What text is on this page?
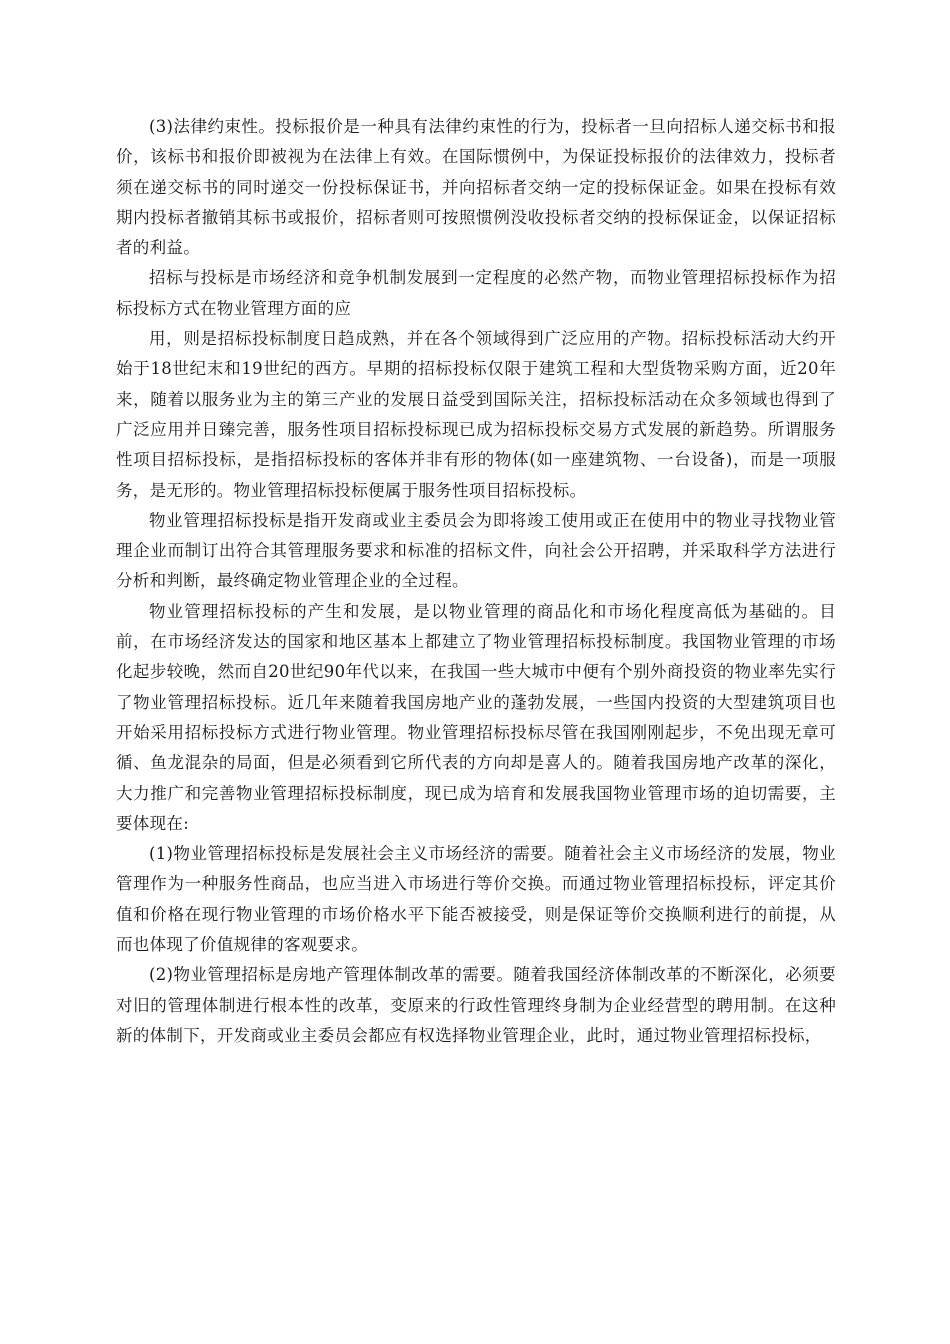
(3)法律约束性。投标报价是一种具有法律约束性的行为，投标者一旦向招标人递交标书和报价，该标书和报价即被视为在法律上有效。在国际惯例中，为保证投标报价的法律效力，投标者须在递交标书的同时递交一份投标保证书，并向招标者交纳一定的投标保证金。如果在投标有效期内投标者撤销其标书或报价，招标者则可按照惯例没收投标者交纳的投标保证金，以保证招标者的利益。

招标与投标是市场经济和竞争机制发展到一定程度的必然产物，而物业管理招标投标作为招标投标方式在物业管理方面的应

用，则是招标投标制度日趋成熟，并在各个领域得到广泛应用的产物。招标投标活动大约开始于18世纪末和19世纪的西方。早期的招标投标仅限于建筑工程和大型货物采购方面，近20年来，随着以服务业为主的第三产业的发展日益受到国际关注，招标投标活动在众多领域也得到了广泛应用并日臻完善，服务性项目招标投标现已成为招标投标交易方式发展的新趋势。所谓服务性项目招标投标，是指招标投标的客体并非有形的物体(如一座建筑物、一台设备)，而是一项服务，是无形的。物业管理招标投标便属于服务性项目招标投标。

物业管理招标投标是指开发商或业主委员会为即将竣工使用或正在使用中的物业寻找物业管理企业而制订出符合其管理服务要求和标准的招标文件，向社会公开招聘，并采取科学方法进行分析和判断，最终确定物业管理企业的全过程。

物业管理招标投标的产生和发展，是以物业管理的商品化和市场化程度高低为基础的。目前，在市场经济发达的国家和地区基本上都建立了物业管理招标投标制度。我国物业管理的市场化起步较晚，然而自20世纪90年代以来，在我国一些大城市中便有个别外商投资的物业率先实行了物业管理招标投标。近几年来随着我国房地产业的蓬勃发展，一些国内投资的大型建筑项目也开始采用招标投标方式进行物业管理。物业管理招标投标尽管在我国刚刚起步，不免出现无章可循、鱼龙混杂的局面，但是必须看到它所代表的方向却是喜人的。随着我国房地产改革的深化，大力推广和完善物业管理招标投标制度，现已成为培育和发展我国物业管理市场的迫切需要，主要体现在:

(1)物业管理招标投标是发展社会主义市场经济的需要。随着社会主义市场经济的发展，物业管理作为一种服务性商品，也应当进入市场进行等价交换。而通过物业管理招标投标，评定其价值和价格在现行物业管理的市场价格水平下能否被接受，则是保证等价交换顺利进行的前提，从而也体现了价值规律的客观要求。

(2)物业管理招标是房地产管理体制改革的需要。随着我国经济体制改革的不断深化，必须要对旧的管理体制进行根本性的改革，变原来的行政性管理终身制为企业经营型的聘用制。在这种新的体制下，开发商或业主委员会都应有权选择物业管理企业，此时，通过物业管理招标投标，
